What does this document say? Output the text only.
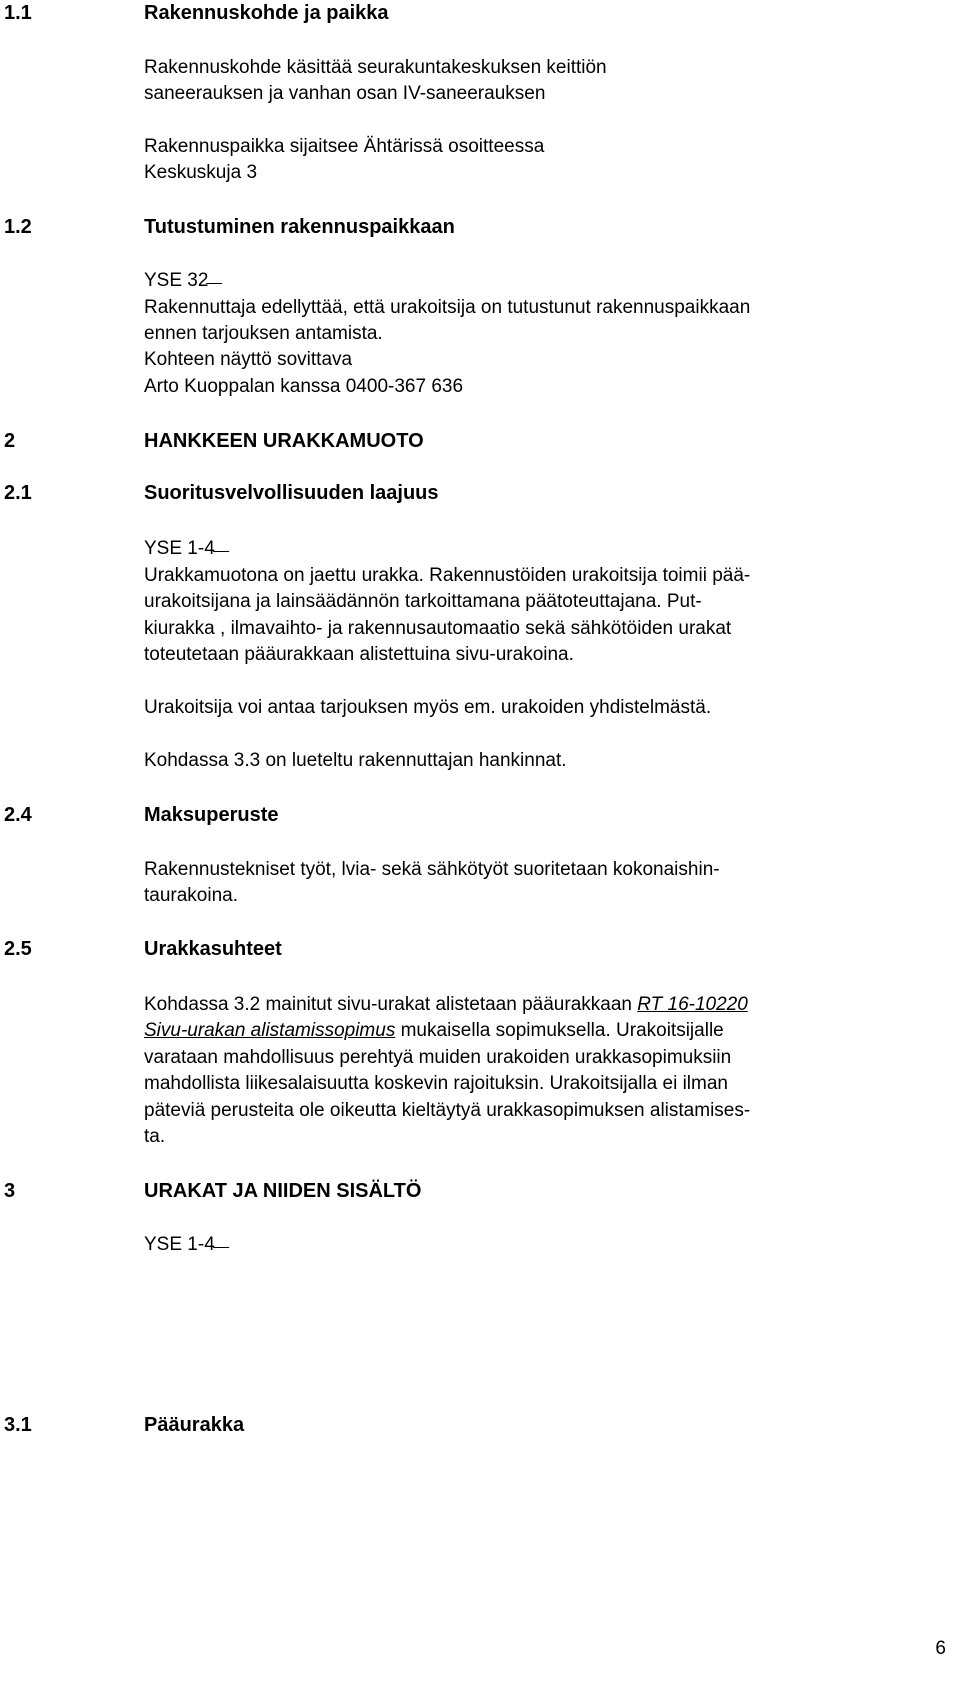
1.1	Rakennuskohde ja paikka

Rakennuskohde käsittää seurakuntakeskuksen keittiön

saneerauksen ja vanhan osan IV-saneerauksen

Rakennuspaikka sijaitsee Ähtärissä osoitteessa

Keskuskuja 3

1.2	Tutustuminen rakennuspaikkaan

YSE 32

Rakennuttaja edellyttää, että urakoitsija on tutustunut rakennuspaikkaan

ennen tarjouksen antamista.

Kohteen näyttö sovittava

Arto Kuoppalan kanssa 0400-367 636

2	HANKKEEN URAKKAMUOTO

2.1	Suoritusvelvollisuuden laajuus

YSE 1-4

Urakkamuotona on jaettu urakka. Rakennustöiden urakoitsija toimii pää-

urakoitsijana ja lainsäädännön tarkoittamana päätoteuttajana. Put-

kiurakka , ilmavaihto- ja rakennusautomaatio sekä sähkötöiden urakat

toteutetaan pääurakkaan alistettuina sivu-urakoina.

Urakoitsija voi antaa tarjouksen myös em. urakoiden yhdistelmästä.

Kohdassa 3.3 on lueteltu rakennuttajan hankinnat.

2.4	Maksuperuste

Rakennustekniset työt, lvia- sekä sähkötyöt suoritetaan kokonaishin-

taurakoina.

2.5	Urakkasuhteet

Kohdassa 3.2 mainitut sivu-urakat alistetaan pääurakkaan RT 16-10220

Sivu-urakan alistamissopimus mukaisella sopimuksella. Urakoitsijalle

varataan mahdollisuus perehtyä muiden urakoiden urakkasopimuksiin

mahdollista liikesalaisuutta koskevin rajoituksin. Urakoitsijalla ei ilman

päteviä perusteita ole oikeutta kieltäytyä urakkasopimuksen alistamises-

ta.

3	URAKAT JA NIIDEN SISÄLTÖ

YSE 1-4

3.1	Pääurakka

6
